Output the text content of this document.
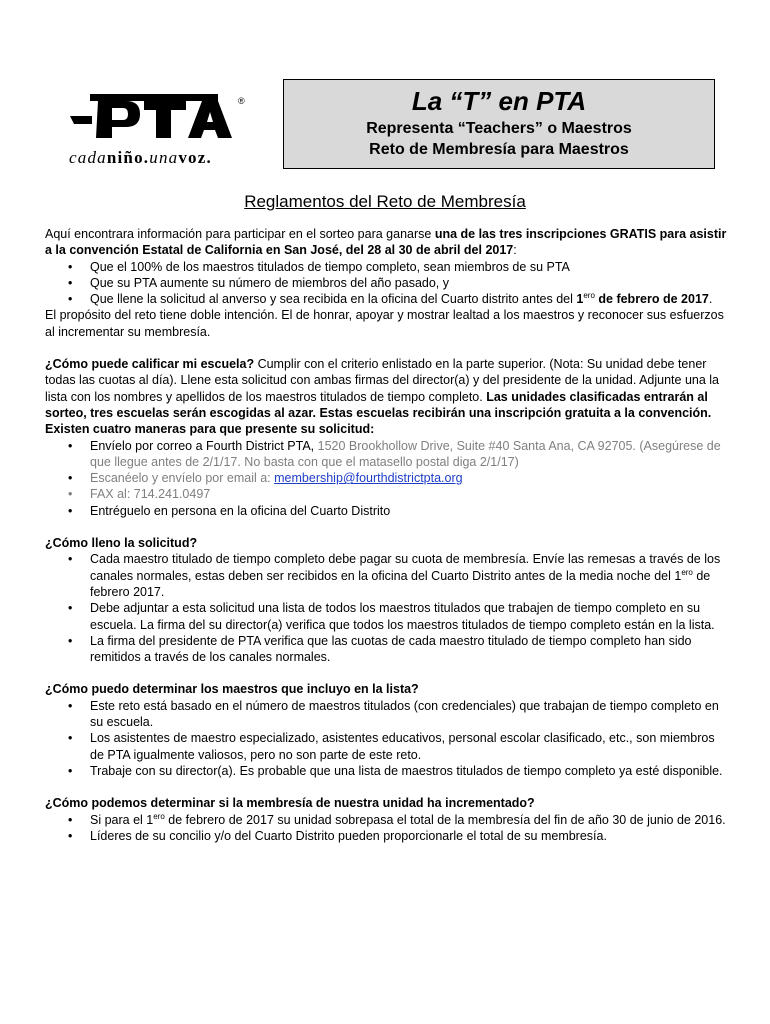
®
cadaniño.unavoz.
La “T” en PTA
Representa “Teachers” o Maestros
Reto de Membresía para Maestros
Reglamentos del Reto de Membresía

Aquí encontrara información para participar en el sorteo para ganarse una de las tres inscripciones GRATIS para asistir a la convención Estatal de California en San José, del 28 al 30 de abril del 2017:

• Que el 100% de los maestros titulados de tiempo completo, sean miembros de su PTA
• Que su PTA aumente su número de miembros del año pasado, y
• Que llene la solicitud al anverso y sea recibida en la oficina del Cuarto distrito antes del $1^{ero}$ de febrero de 2017.

El propósito del reto tiene doble intención. El de honrar, apoyar y mostrar lealtad a los maestros y reconocer sus esfuerzos al incrementar su membresía.

¿Cómo puede calificar mi escuela? Cumplir con el criterio enlistado en la parte superior. (Nota: Su unidad debe tener todas las cuotas al día). Llene esta solicitud con ambas firmas del director(a) y del presidente de la unidad. Adjunte una la lista con los nombres y apellidos de los maestros titulados de tiempo completo. Las unidades clasificadas entrarán al sorteo, tres escuelas serán escogidas al azar. Estas escuelas recibirán una inscripción gratuita a la convención.

Existen cuatro maneras para que presente su solicitud:

• Envíelo por correo a Fourth District PTA, 1520 Brookhollow Drive, Suite #40 Santa Ana, CA 92705. (Asegúrese de que llegue antes de 2/1/17. No basta con que el matasello postal diga 2/1/17)
• Escanéelo y envíelo por email a: membership@fourthdistrictpta.org
• FAX al: 714.241.0497
• Entréguelo en persona en la oficina del Cuarto Distrito

¿Cómo lleno la solicitud?

• Cada maestro titulado de tiempo completo debe pagar su cuota de membresía. Envíe las remesas a través de los canales normales, estas deben ser recibidos en la oficina del Cuarto Distrito antes de la media noche del $1^{ero}$ de febrero 2017.
• Debe adjuntar a esta solicitud una lista de todos los maestros titulados que trabajen de tiempo completo en su escuela. La firma del su director(a) verifica que todos los maestros titulados de tiempo completo están en la lista.
• La firma del presidente de PTA verifica que las cuotas de cada maestro titulado de tiempo completo han sido remitidos a través de los canales normales.

¿Cómo puedo determinar los maestros que incluyo en la lista?

• Este reto está basado en el número de maestros titulados (con credenciales) que trabajan de tiempo completo en su escuela.
• Los asistentes de maestro especializado, asistentes educativos, personal escolar clasificado, etc., son miembros de PTA igualmente valiosos, pero no son parte de este reto.
• Trabaje con su director(a). Es probable que una lista de maestros titulados de tiempo completo ya esté disponible.

¿Cómo podemos determinar si la membresía de nuestra unidad ha incrementado?

• Si para el $1^{ero}$ de febrero de 2017 su unidad sobrepasa el total de la membresía del fin de año 30 de junio de 2016.
• Líderes de su concilio y/o del Cuarto Distrito pueden proporcionarle el total de su membresía.
